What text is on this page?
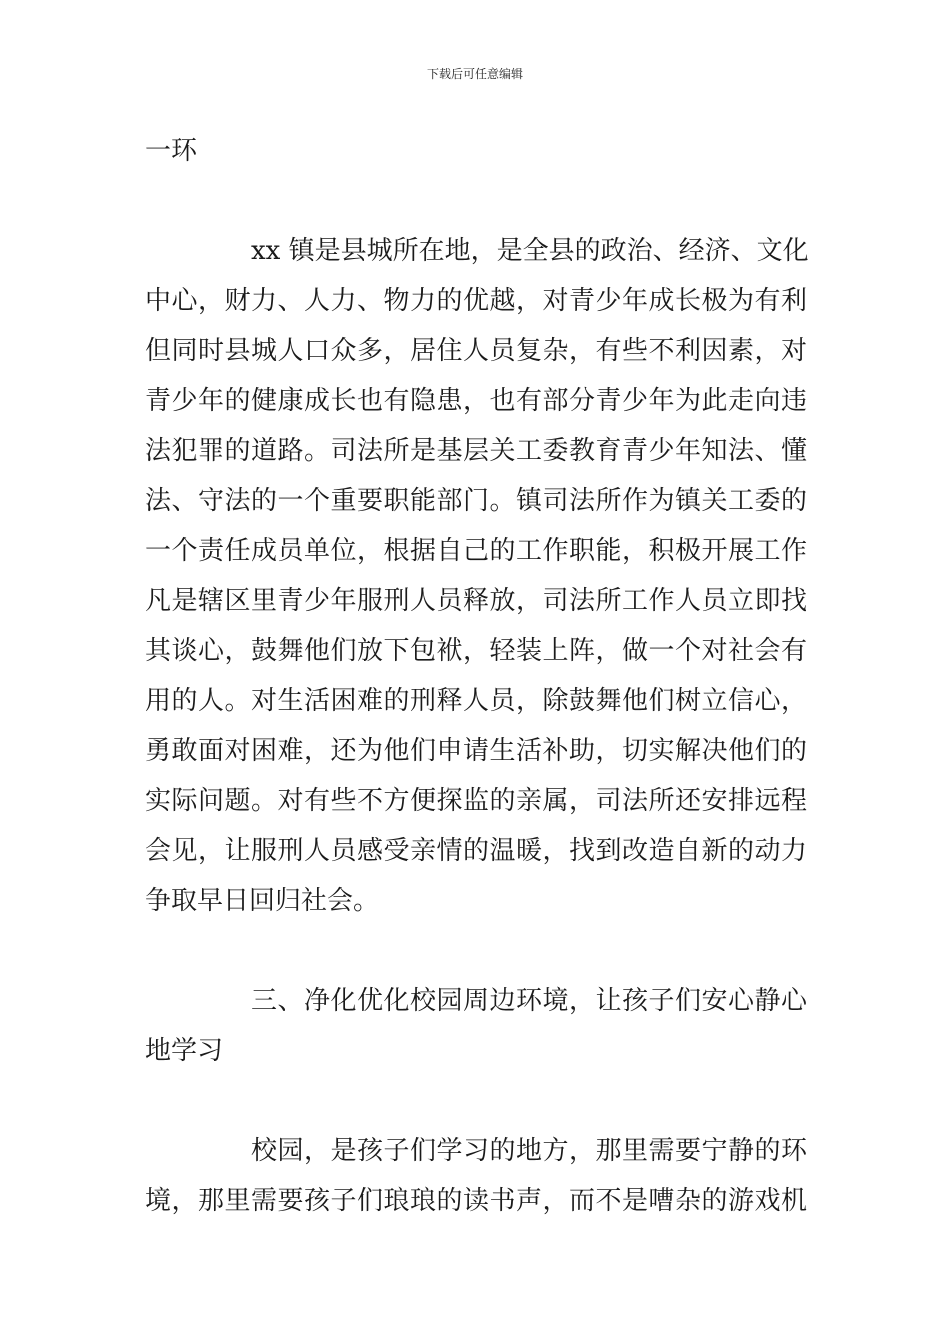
下载后可任意编辑
一环
xx 镇是县城所在地，是全县的政治、经济、文化
中心，财力、人力、物力的优越，对青少年成长极为有利
但同时县城人口众多，居住人员复杂，有些不利因素，对
青少年的健康成长也有隐患，也有部分青少年为此走向违
法犯罪的道路。司法所是基层关工委教育青少年知法、懂
法、守法的一个重要职能部门。镇司法所作为镇关工委的
一个责任成员单位，根据自己的工作职能，积极开展工作
凡是辖区里青少年服刑人员释放，司法所工作人员立即找
其谈心，鼓舞他们放下包袱，轻装上阵，做一个对社会有
用的人。对生活困难的刑释人员，除鼓舞他们树立信心，
勇敢面对困难，还为他们申请生活补助，切实解决他们的
实际问题。对有些不方便探监的亲属，司法所还安排远程
会见，让服刑人员感受亲情的温暖，找到改造自新的动力
争取早日回归社会。
三、净化优化校园周边环境，让孩子们安心静心
地学习
校园，是孩子们学习的地方，那里需要宁静的环
境，那里需要孩子们琅琅的读书声，而不是嘈杂的游戏机
